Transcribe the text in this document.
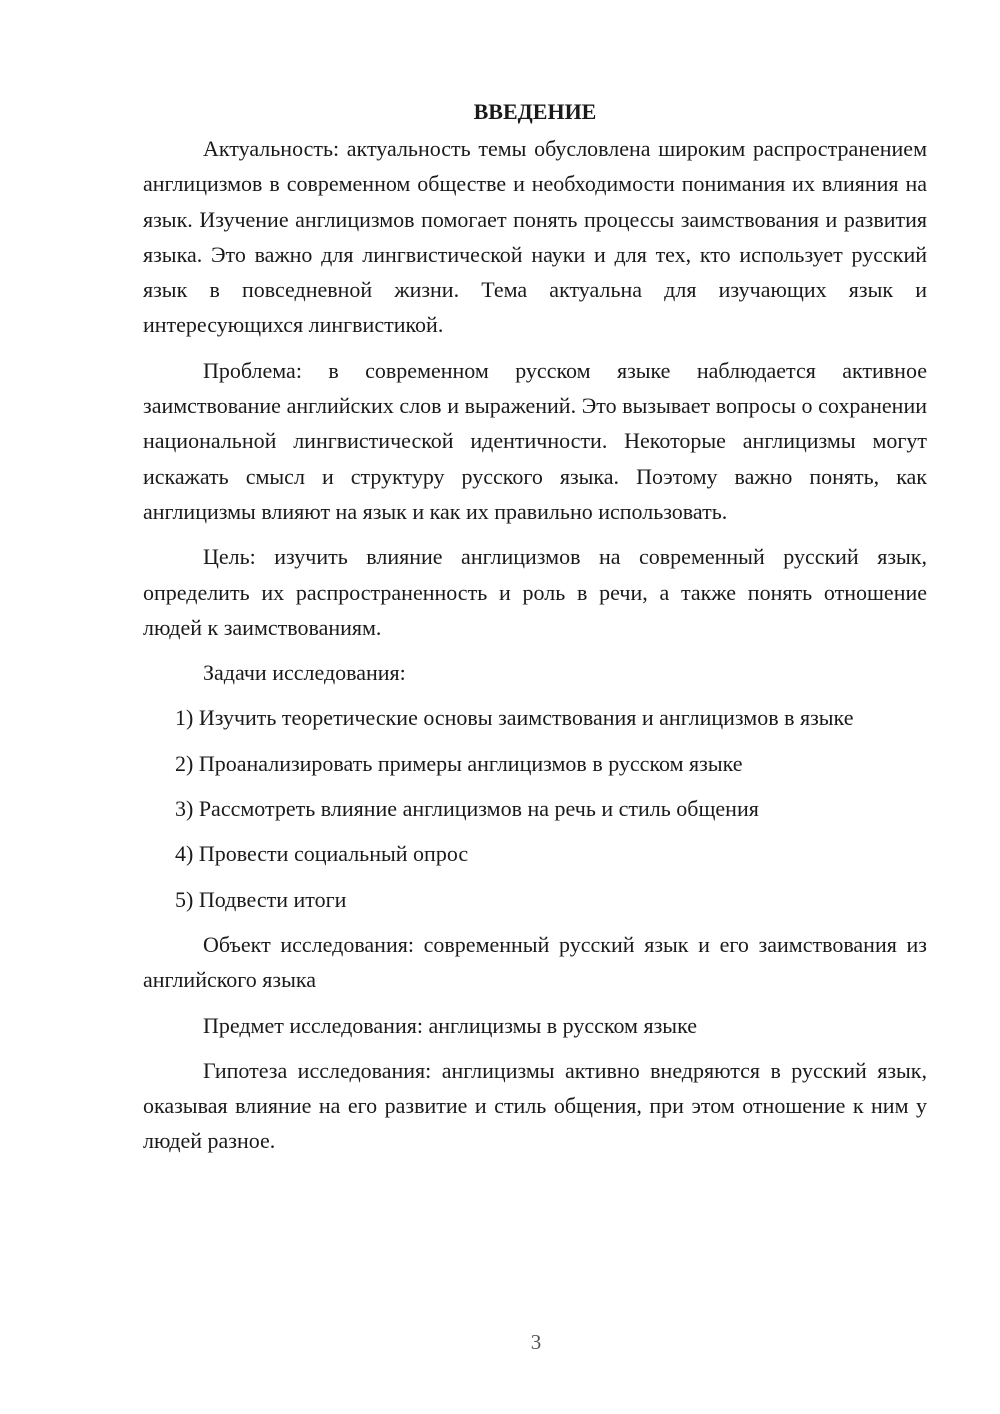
ВВЕДЕНИЕ

Актуальность: актуальность темы обусловлена широким распространением англицизмов в современном обществе и необходимости понимания их влияния на язык. Изучение англицизмов помогает понять процессы заимствования и развития языка. Это важно для лингвистической науки и для тех, кто использует русский язык в повседневной жизни. Тема актуальна для изучающих язык и интересующихся лингвистикой.

Проблема: в современном русском языке наблюдается активное заимствование английских слов и выражений. Это вызывает вопросы о сохранении национальной лингвистической идентичности. Некоторые англицизмы могут искажать смысл и структуру русского языка. Поэтому важно понять, как англицизмы влияют на язык и как их правильно использовать.

Цель: изучить влияние англицизмов на современный русский язык, определить их распространенность и роль в речи, а также понять отношение людей к заимствованиям.

Задачи исследования:

1) Изучить теоретические основы заимствования и англицизмов в языке

2) Проанализировать примеры англицизмов в русском языке

3) Рассмотреть влияние англицизмов на речь и стиль общения

4) Провести социальный опрос

5) Подвести итоги

Объект исследования: современный русский язык и его заимствования из английского языка

Предмет исследования: англицизмы в русском языке

Гипотеза исследования: англицизмы активно внедряются в русский язык, оказывая влияние на его развитие и стиль общения, при этом отношение к ним у людей разное.

3
